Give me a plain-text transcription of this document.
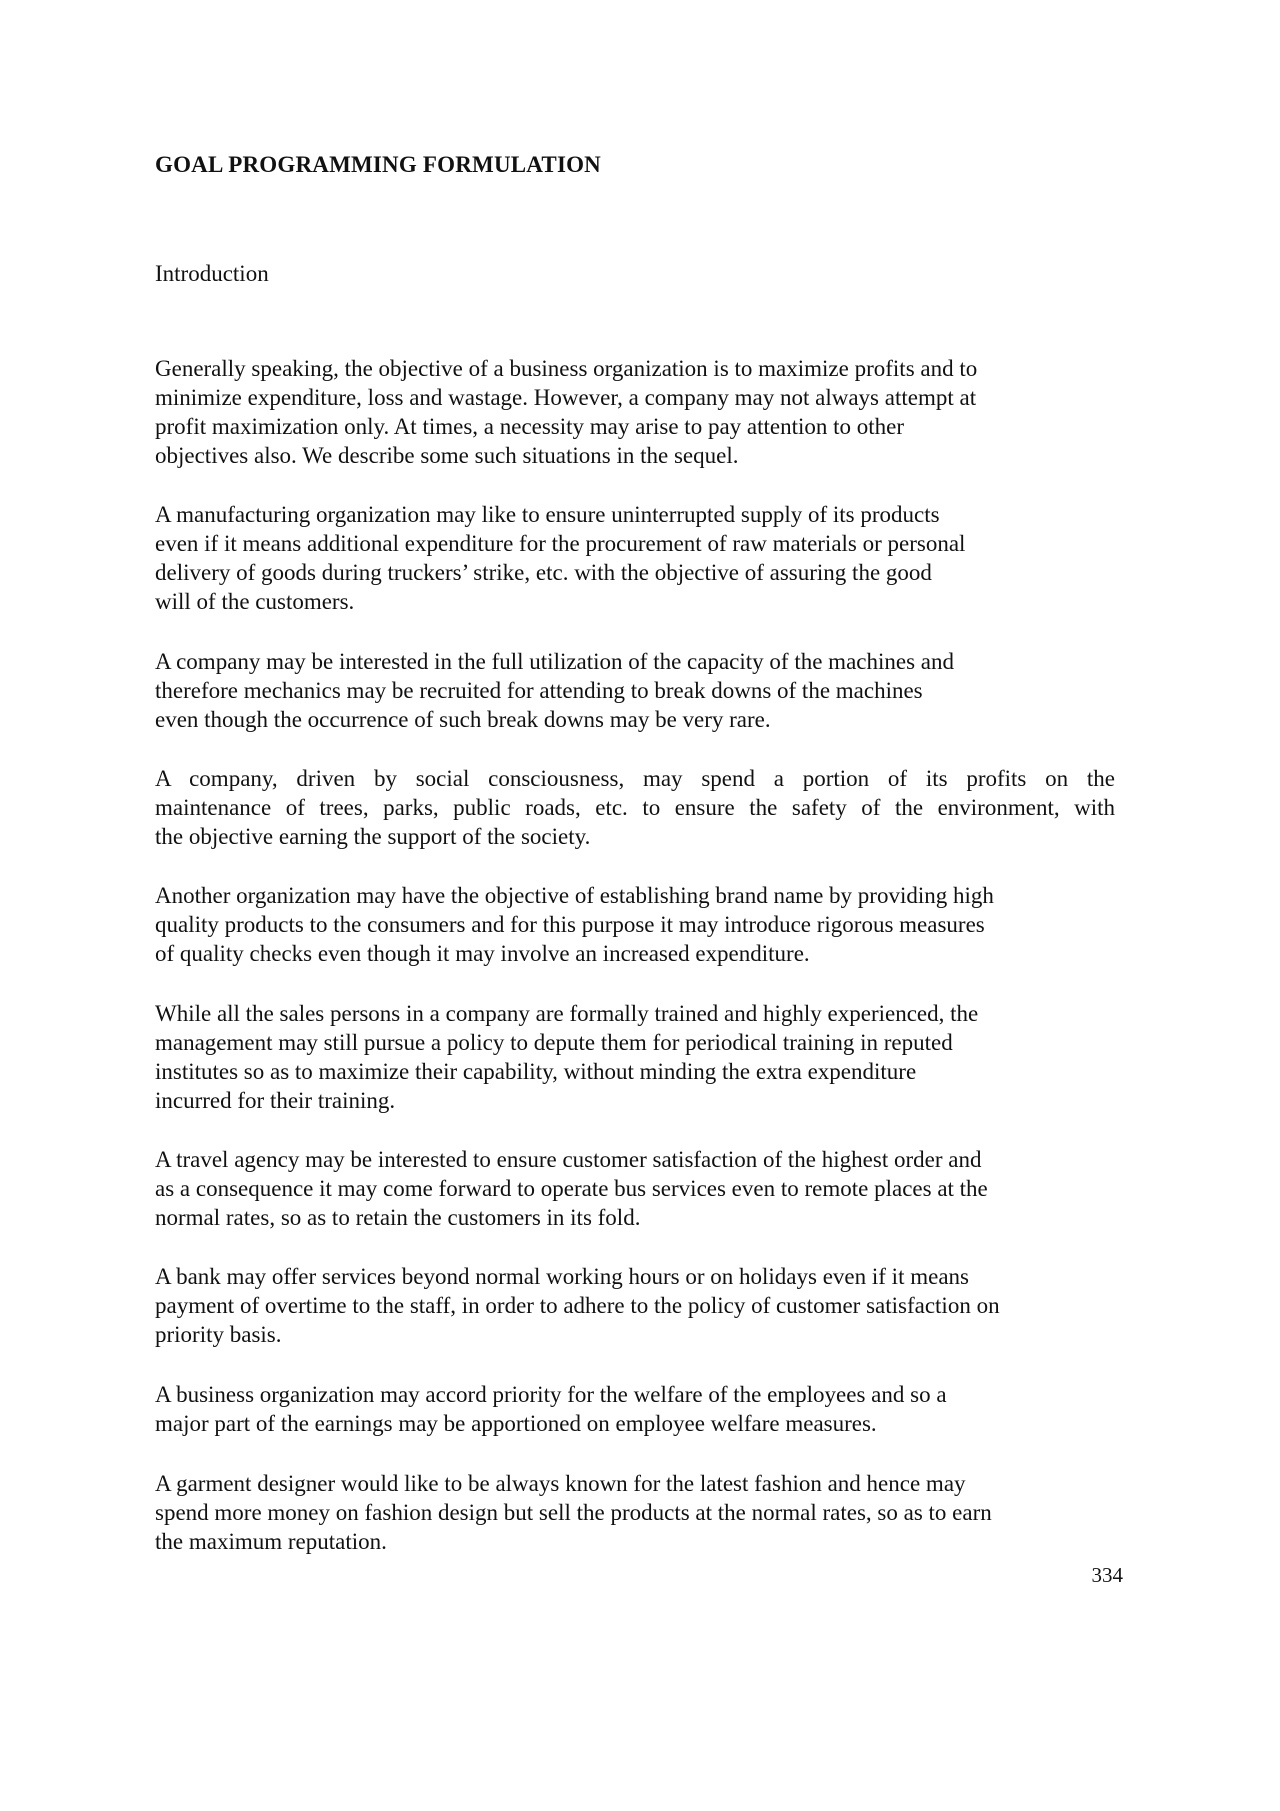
GOAL PROGRAMMING FORMULATION
Introduction

Generally speaking, the objective of a business organization is to maximize profits and to
minimize expenditure, loss and wastage. However, a company may not always attempt at
profit maximization only. At times, a necessity may arise to pay attention to other
objectives also. We describe some such situations in the sequel.

A manufacturing organization may like to ensure uninterrupted supply of its products
even if it means additional expenditure for the procurement of raw materials or personal
delivery of goods during truckers’ strike, etc. with the objective of assuring the good
will of the customers.

A company may be interested in the full utilization of the capacity of the machines and
therefore mechanics may be recruited for attending to break downs of the machines
even though the occurrence of such break downs may be very rare.

A company, driven by social consciousness, may spend a portion of its profits on the
maintenance of trees, parks, public roads, etc. to ensure the safety of the environment, with
the objective earning the support of the society.

Another organization may have the objective of establishing brand name by providing high
quality products to the consumers and for this purpose it may introduce rigorous measures
of quality checks even though it may involve an increased expenditure.

While all the sales persons in a company are formally trained and highly experienced, the
management may still pursue a policy to depute them for periodical training in reputed
institutes so as to maximize their capability, without minding the extra expenditure
incurred for their training.

A travel agency may be interested to ensure customer satisfaction of the highest order and
as a consequence it may come forward to operate bus services even to remote places at the
normal rates, so as to retain the customers in its fold.

A bank may offer services beyond normal working hours or on holidays even if it means
payment of overtime to the staff, in order to adhere to the policy of customer satisfaction on
priority basis.

A business organization may accord priority for the welfare of the employees and so a
major part of the earnings may be apportioned on employee welfare measures.

A garment designer would like to be always known for the latest fashion and hence may
spend more money on fashion design but sell the products at the normal rates, so as to earn
the maximum reputation.

334
